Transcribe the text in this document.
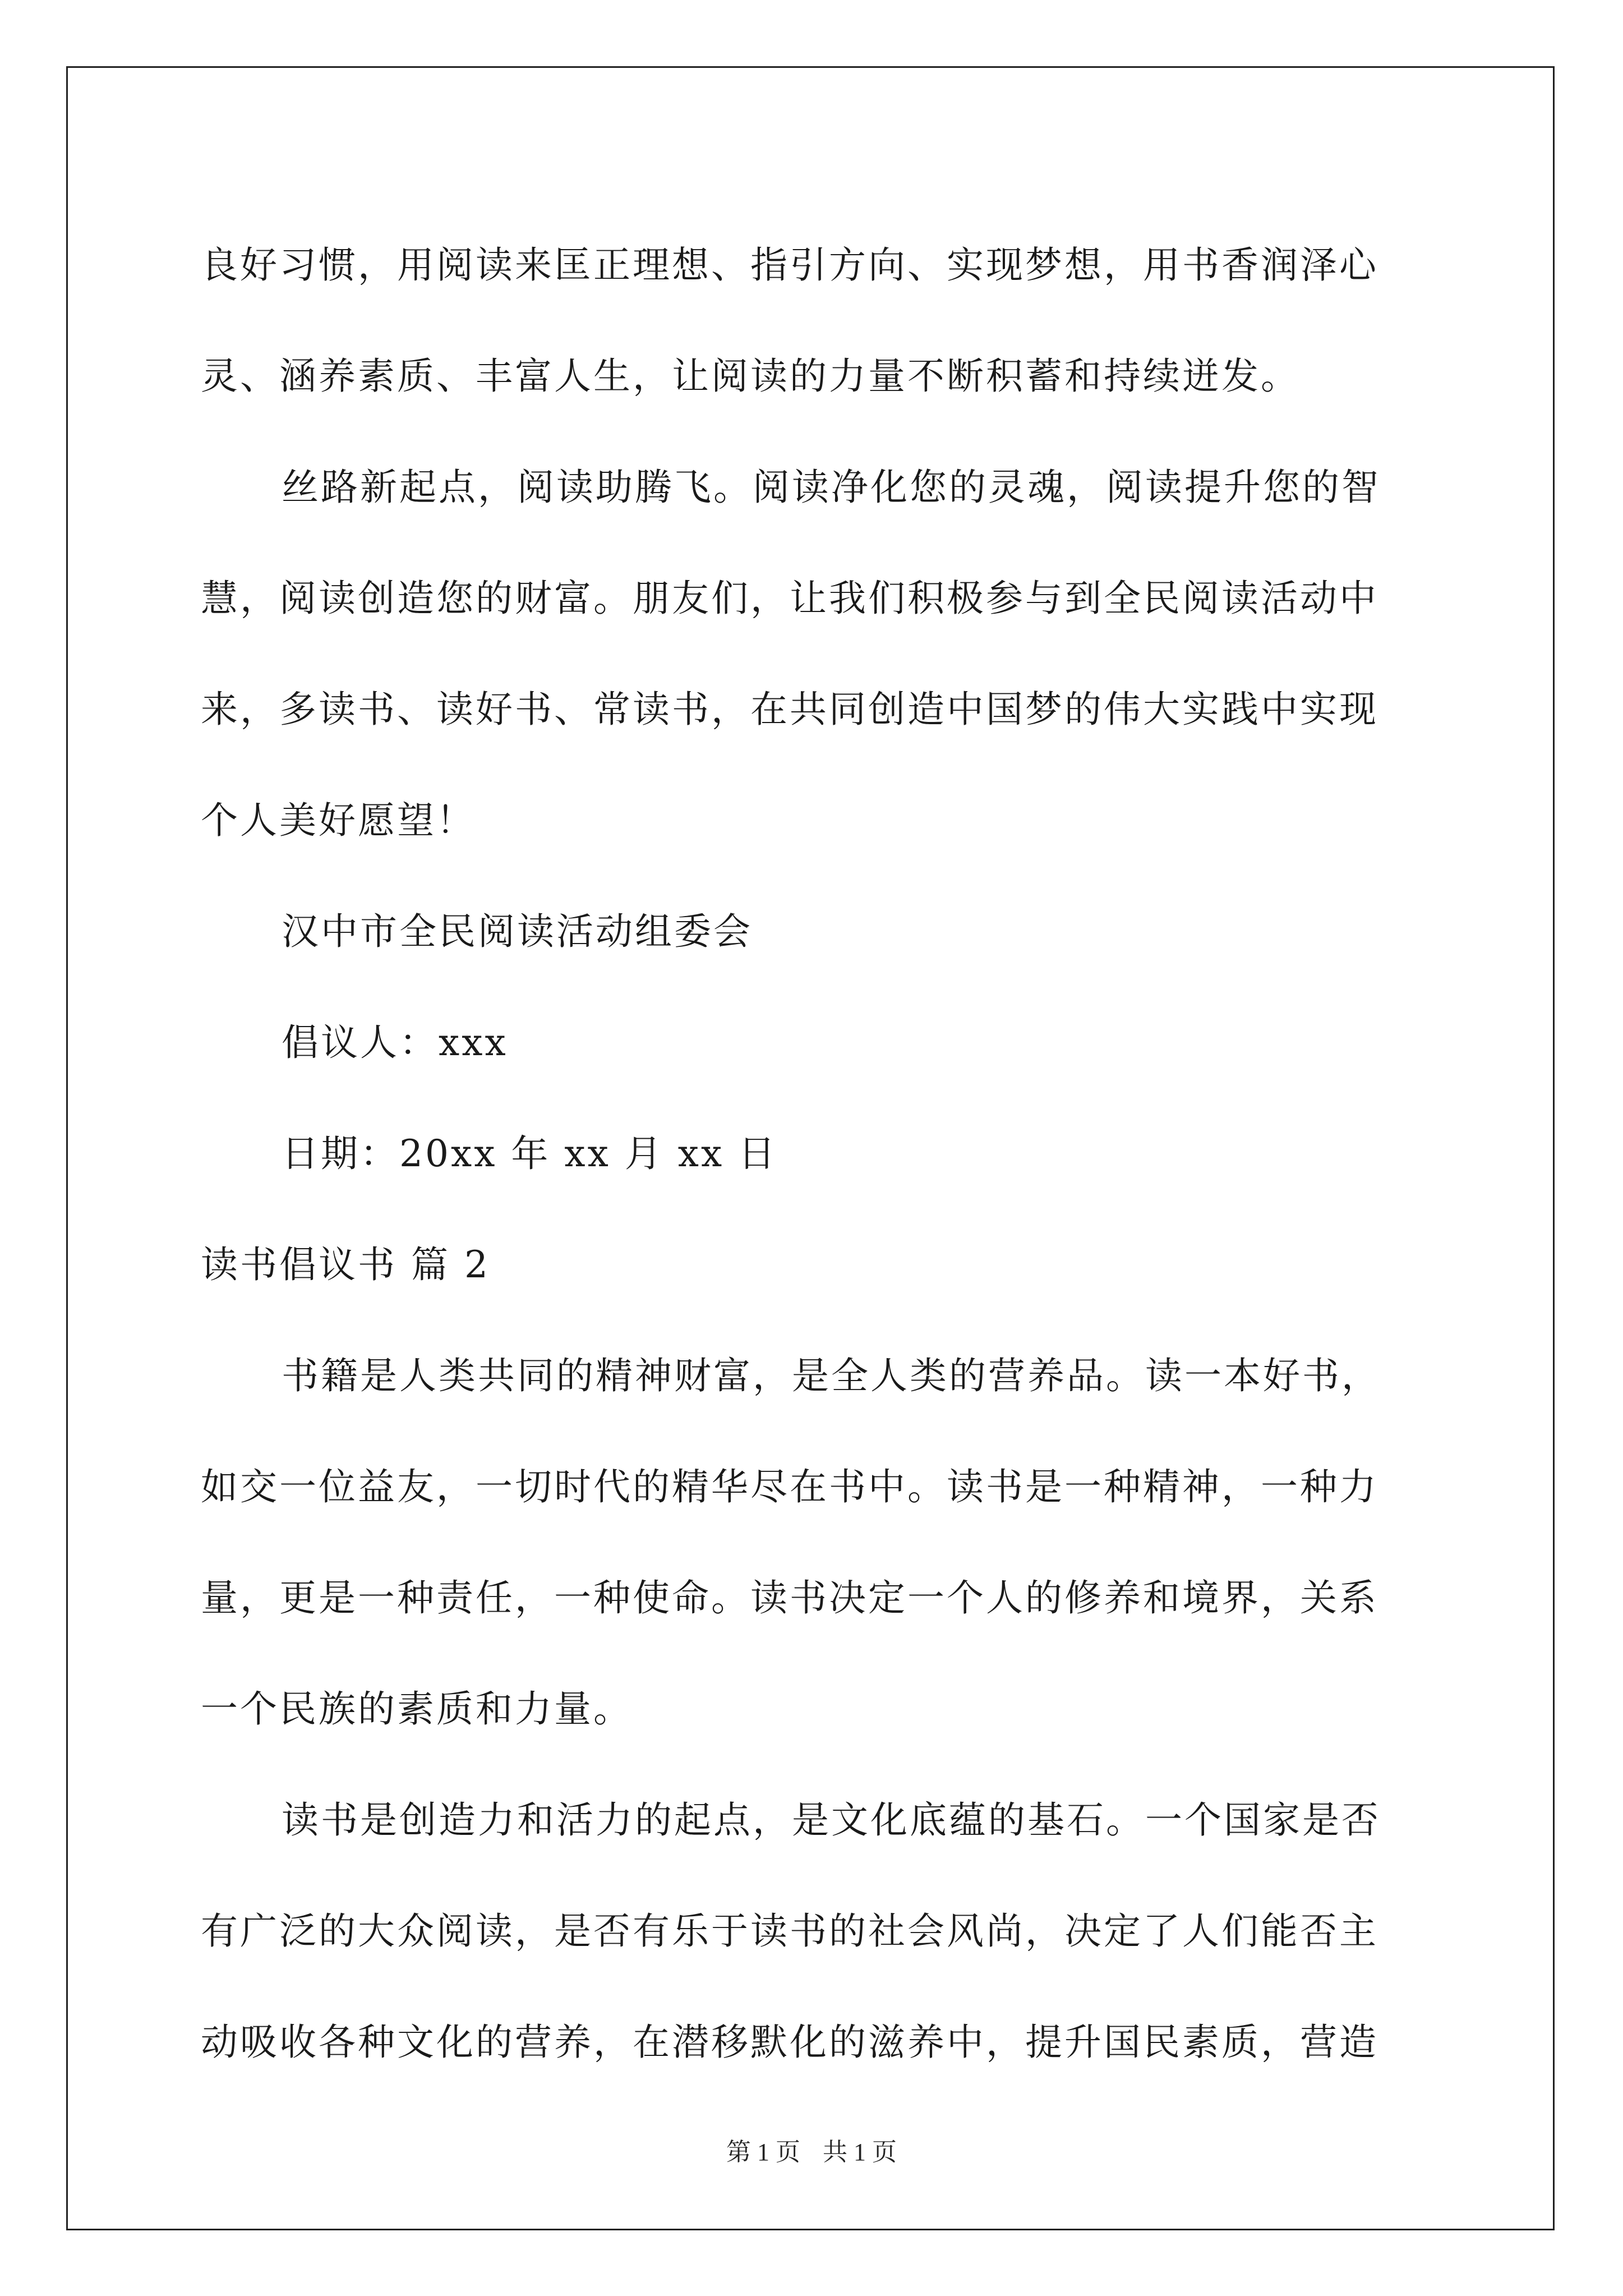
良好习惯，用阅读来匡正理想、指引方向、实现梦想，用书香润泽心
灵、涵养素质、丰富人生，让阅读的力量不断积蓄和持续迸发。
丝路新起点，阅读助腾飞。阅读净化您的灵魂，阅读提升您的智
慧，阅读创造您的财富。朋友们，让我们积极参与到全民阅读活动中
来，多读书、读好书、常读书，在共同创造中国梦的伟大实践中实现
个人美好愿望！
汉中市全民阅读活动组委会
倡议人：xxx
日期：20xx 年 xx 月 xx 日
读书倡议书 篇 2
书籍是人类共同的精神财富，是全人类的营养品。读一本好书，
如交一位益友，一切时代的精华尽在书中。读书是一种精神，一种力
量，更是一种责任，一种使命。读书决定一个人的修养和境界，关系
一个民族的素质和力量。
读书是创造力和活力的起点，是文化底蕴的基石。一个国家是否
有广泛的大众阅读，是否有乐于读书的社会风尚，决定了人们能否主
动吸收各种文化的营养，在潜移默化的滋养中，提升国民素质，营造
第 1 页 共 1 页
